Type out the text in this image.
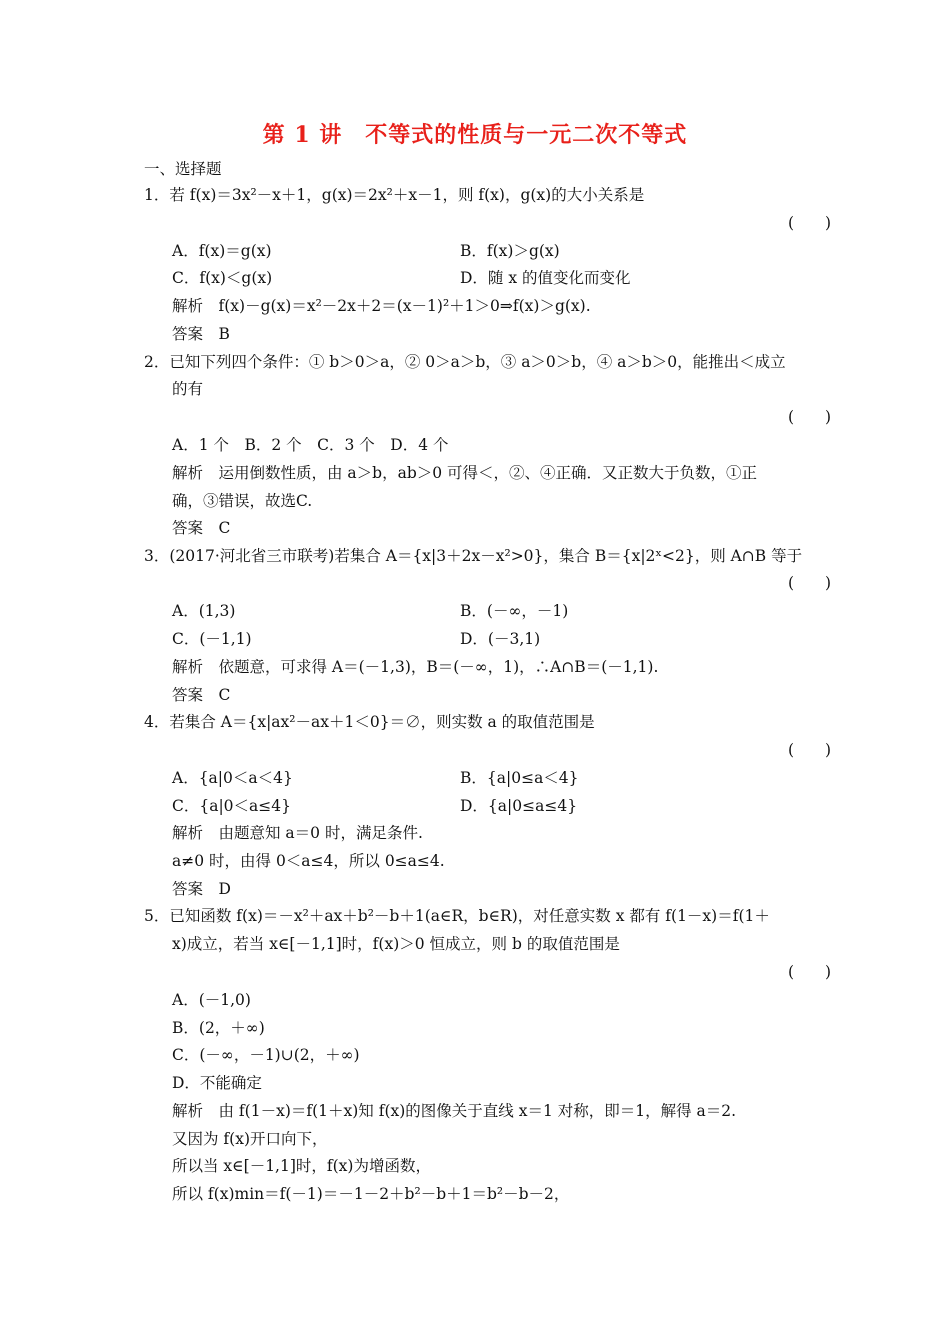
第 1 讲　不等式的性质与一元二次不等式
一、选择题
1．若 f(x)＝3x²－x＋1，g(x)＝2x²＋x－1，则 f(x)，g(x)的大小关系是
(　　)
A．f(x)＝g(x)	B．f(x)＞g(x)
C．f(x)＜g(x)	D．随 x 的值变化而变化
解析　f(x)－g(x)＝x²－2x＋2＝(x－1)²＋1＞0⇒f(x)＞g(x).
答案　B
2．已知下列四个条件：① b＞0＞a，② 0＞a＞b，③ a＞0＞b，④ a＞b＞0，能推出＜成立
的有
(　　)
A．1 个　B．2 个　C．3 个　D．4 个
解析　运用倒数性质，由 a＞b，ab＞0 可得＜，②、④正确．又正数大于负数，①正
确，③错误，故选C.
答案　C
3．(2017·河北省三市联考)若集合 A＝{x|3＋2x－x²>0}，集合 B＝{x|2ˣ<2}，则 A∩B 等于
(　　)
A．(1,3)	B．(－∞，－1)
C．(－1,1)	D．(－3,1)
解析　依题意，可求得 A＝(－1,3)，B＝(－∞，1)，∴A∩B＝(－1,1).
答案　C
4．若集合 A＝{x|ax²－ax＋1＜0}＝∅，则实数 a 的取值范围是
(　　)
A．{a|0＜a＜4}	B．{a|0≤a＜4}
C．{a|0＜a≤4}	D．{a|0≤a≤4}
解析　由题意知 a＝0 时，满足条件.
a≠0 时，由得 0＜a≤4，所以 0≤a≤4.
答案　D
5．已知函数 f(x)＝－x²＋ax＋b²－b＋1(a∈R，b∈R)，对任意实数 x 都有 f(1－x)＝f(1＋
x)成立，若当 x∈[－1,1]时，f(x)＞0 恒成立，则 b 的取值范围是
(　　)
A．(－1,0)
B．(2，＋∞)
C．(－∞，－1)∪(2，＋∞)
D．不能确定
解析　由 f(1－x)＝f(1＋x)知 f(x)的图像关于直线 x＝1 对称，即＝1，解得 a＝2.
又因为 f(x)开口向下，
所以当 x∈[－1,1]时，f(x)为增函数，
所以 f(x)min＝f(－1)＝－1－2＋b²－b＋1＝b²－b－2，
